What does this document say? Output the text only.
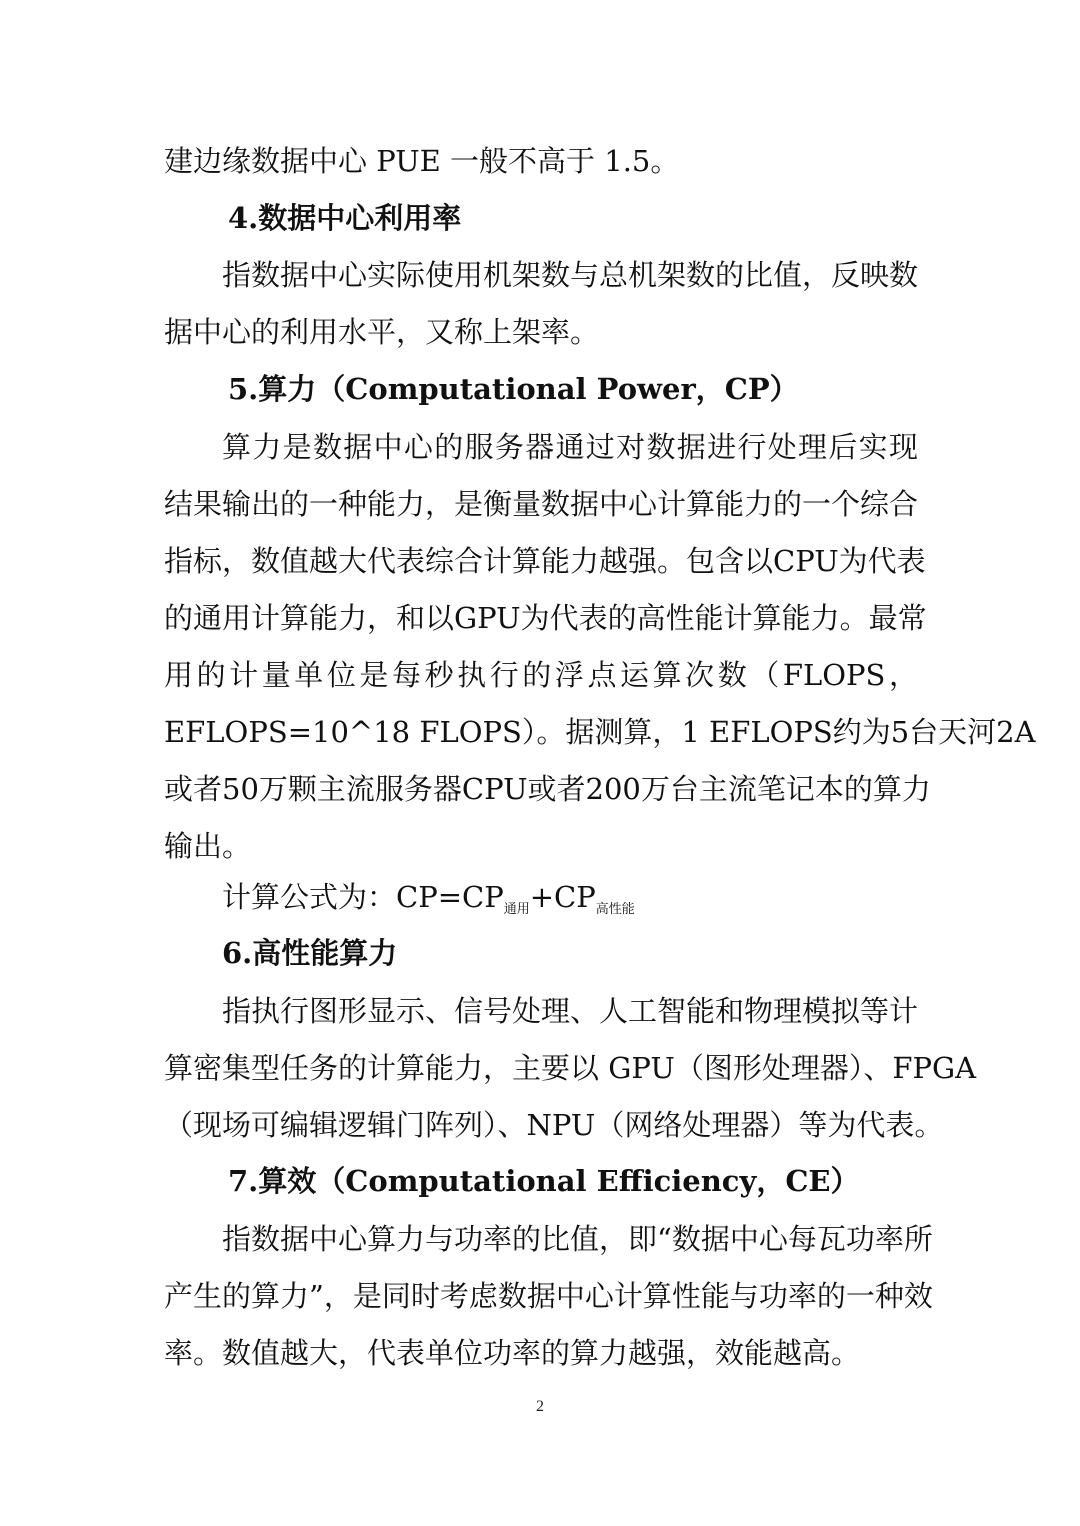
建边缘数据中心 PUE 一般不高于 1.5。
4.数据中心利用率
指数据中心实际使用机架数与总机架数的比值，反映数
据中心的利用水平，又称上架率。
5.算力（Computational Power，CP）
算力是数据中心的服务器通过对数据进行处理后实现
结果输出的一种能力，是衡量数据中心计算能力的一个综合
指标，数值越大代表综合计算能力越强。包含以CPU为代表
的通用计算能力，和以GPU为代表的高性能计算能力。最常
用的计量单位是每秒执行的浮点运算次数（FLOPS，
EFLOPS=10^18 FLOPS）。据测算，1 EFLOPS约为5台天河2A
或者50万颗主流服务器CPU或者200万台主流笔记本的算力
输出。
计算公式为：$CP=CP_{通用}+CP_{高性能}$
6.高性能算力
指执行图形显示、信号处理、人工智能和物理模拟等计
算密集型任务的计算能力，主要以 GPU（图形处理器）、FPGA
（现场可编辑逻辑门阵列）、NPU（网络处理器）等为代表。
7.算效（Computational Efficiency，CE）
指数据中心算力与功率的比值，即“数据中心每瓦功率所
产生的算力”，是同时考虑数据中心计算性能与功率的一种效
率。数值越大，代表单位功率的算力越强，效能越高。
2
